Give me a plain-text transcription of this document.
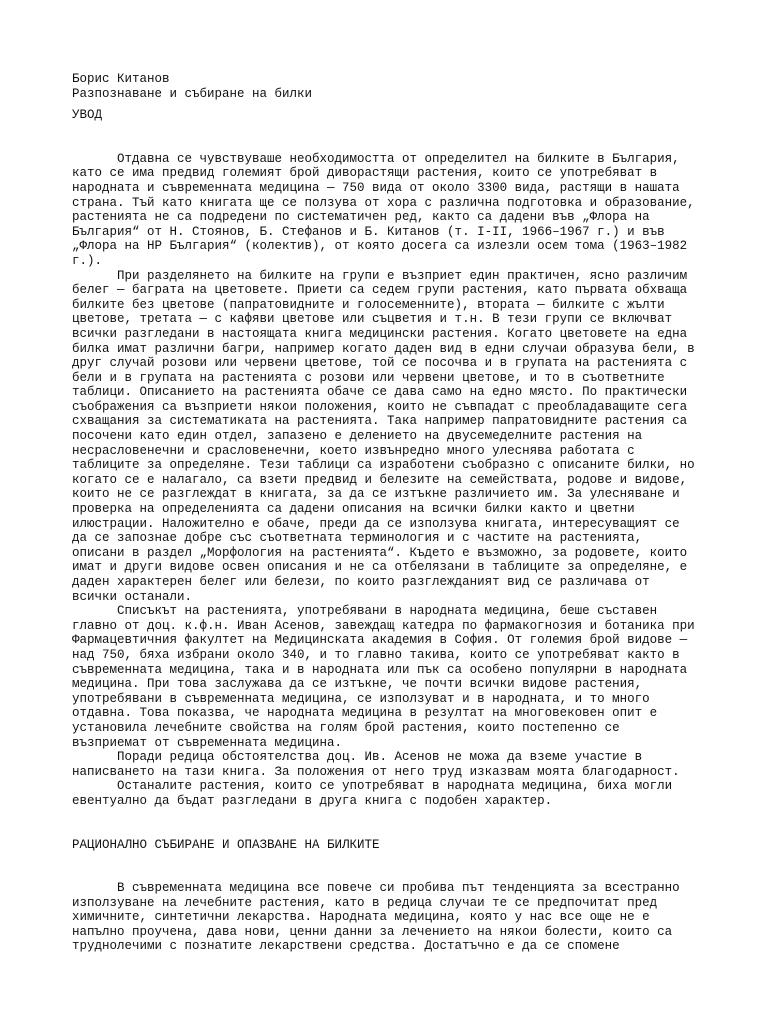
Борис Китанов
Разпознаване и събиране на билки
УВОД
Отдавна се чувствуваше необходимостта от определител на билките в България,
като се има предвид големият брой диворастящи растения, които се употребяват в
народната и съвременната медицина — 750 вида от около 3300 вида, растящи в нашата
страна. Тъй като книгата ще се ползува от хора с различна подготовка и образование,
растенията не са подредени по систематичен ред, както са дадени във „Флора на
България“ от Н. Стоянов, Б. Стефанов и Б. Китанов (т. I-II, 1966–1967 г.) и във
„Флора на НР България“ (колектив), от която досега са излезли осем тома (1963–1982
г.).
При разделянето на билките на групи е възприет един практичен, ясно различим
белег — баграта на цветовете. Приети са седем групи растения, като първата обхваща
билките без цветове (папратовидните и голосеменните), втората — билките с жълти
цветове, третата — с кафяви цветове или съцветия и т.н. В тези групи се включват
всички разгледани в настоящата книга медицински растения. Когато цветовете на една
билка имат различни багри, например когато даден вид в едни случаи образува бели, в
друг случай розови или червени цветове, той се посочва и в групата на растенията с
бели и в групата на растенията с розови или червени цветове, и то в съответните
таблици. Описанието на растенията обаче се дава само на едно място. По практически
съображения са възприети някои положения, които не съвпадат с преобладаващите сега
схващания за систематиката на растенията. Така например папратовидните растения са
посочени като един отдел, запазено е делението на двусемеделните растения на
несрасловенечни и срасловенечни, което извънредно много улеснява работата с
таблиците за определяне. Тези таблици са изработени съобразно с описаните билки, но
когато се е налагало, са взети предвид и белезите на семействата, родове и видове,
които не се разглеждат в книгата, за да се изтъкне различието им. За улесняване и
проверка на определенията са дадени описания на всички билки както и цветни
илюстрации. Наложително е обаче, преди да се използува книгата, интересуващият се
да се запознае добре със съответната терминология и с частите на растенията,
описани в раздел „Морфология на растенията“. Където е възможно, за родовете, които
имат и други видове освен описания и не са отбелязани в таблиците за определяне, е
даден характерен белег или белези, по които разглежданият вид се различава от
всички останали.
Списъкът на растенията, употребявани в народната медицина, беше съставен
главно от доц. к.ф.н. Иван Асенов, завеждащ катедра по фармакогнозия и ботаника при
Фармацевтичния факултет на Медицинската академия в София. От големия брой видове —
над 750, бяха избрани около 340, и то главно такива, които се употребяват както в
съвременната медицина, така и в народната или пък са особено популярни в народната
медицина. При това заслужава да се изтъкне, че почти всички видове растения,
употребявани в съвременната медицина, се използуват и в народната, и то много
отдавна. Това показва, че народната медицина в резултат на многовековен опит е
установила лечебните свойства на голям брой растения, които постепенно се
възприемат от съвременната медицина.
Поради редица обстоятелства доц. Ив. Асенов не можа да вземе участие в
написването на тази книга. За положения от него труд изказвам моята благодарност.
Останалите растения, които се употребяват в народната медицина, биха могли
евентуално да бъдат разгледани в друга книга с подобен характер.
РАЦИОНАЛНО СЪБИРАНЕ И ОПАЗВАНЕ НА БИЛКИТЕ
В съвременната медицина все повече си пробива път тенденцията за всестранно
използуване на лечебните растения, като в редица случаи те се предпочитат пред
химичните, синтетични лекарства. Народната медицина, която у нас все още не е
напълно проучена, дава нови, ценни данни за лечението на някои болести, които са
труднолечими с познатите лекарствени средства. Достатъчно е да се спомене
